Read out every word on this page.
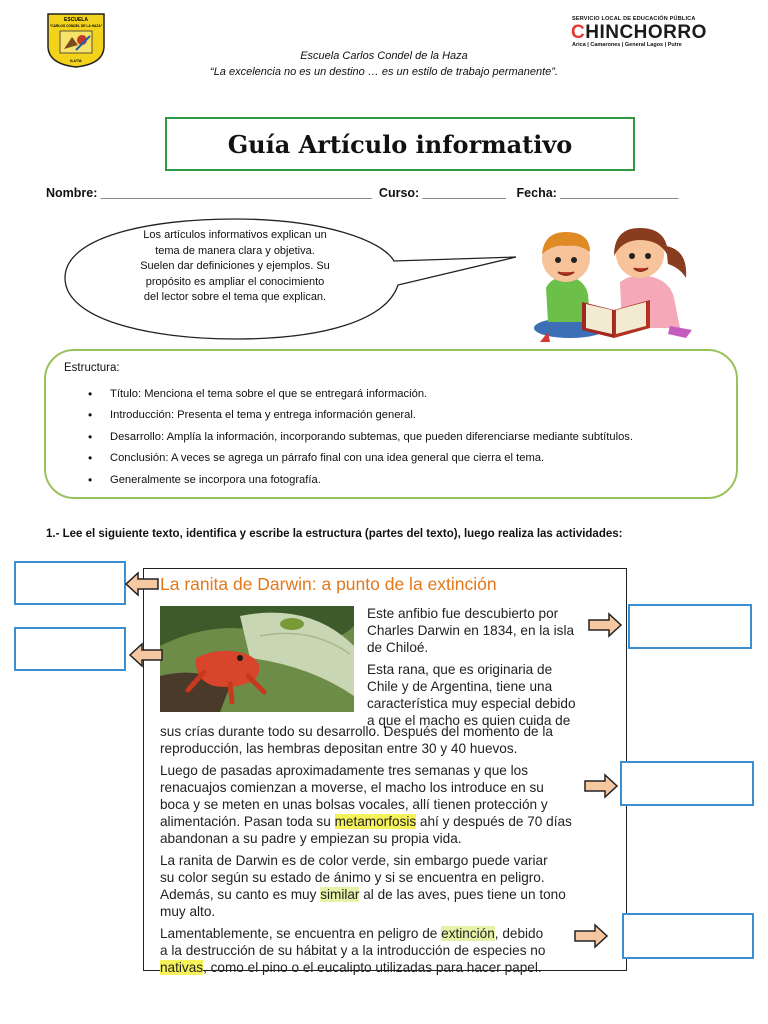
ESCUELA
"CARLOS CONDEL DE LA HAZA"
ILUTA	Escuela Carlos Condel de la Haza
“La excelencia no es un destino … es un estilo de trabajo permanente”.
SERVICIO LOCAL DE EDUCACIÓN PÚBLICA
CHINCHORRO
Arica | Camarones | General Lagos | Putre
Guía Artículo informativo
Nombre: _______________________________________  Curso: ____________   Fecha: _________________
Los artículos informativos explican un
tema de manera clara y objetiva.
Suelen dar definiciones y ejemplos. Su
propósito es ampliar el conocimiento
del lector sobre el tema que explican.
Estructura:
• Título: Menciona el tema sobre el que se entregará información.
• Introducción: Presenta el tema y entrega información general.
• Desarrollo: Amplía la información, incorporando subtemas, que pueden diferenciarse mediante subtítulos.
• Conclusión: A veces se agrega un párrafo final con una idea general que cierra el tema.
• Generalmente se incorpora una fotografía.
1.- Lee el siguiente texto, identifica y escribe la estructura (partes del texto), luego realiza las actividades:
La ranita de Darwin: a punto de la extinción
Este anfibio fue descubierto por
Charles Darwin en 1834, en la isla
de Chiloé.
Esta rana, que es originaria de
Chile y de Argentina, tiene una
característica muy especial debido
a que el macho es quien cuida de
sus crías durante todo su desarrollo. Después del momento de la
reproducción, las hembras depositan entre 30 y 40 huevos.
Luego de pasadas aproximadamente tres semanas y que los
renacuajos comienzan a moverse, el macho los introduce en su
boca y se meten en unas bolsas vocales, allí tienen protección y
alimentación. Pasan toda su metamorfosis ahí y después de 70 días
abandonan a su padre y empiezan su propia vida.
La ranita de Darwin es de color verde, sin embargo puede variar
su color según su estado de ánimo y si se encuentra en peligro.
Además, su canto es muy similar al de las aves, pues tiene un tono
muy alto.
Lamentablemente, se encuentra en peligro de extinción, debido
a la destrucción de su hábitat y a la introducción de especies no
nativas, como el pino o el eucalipto utilizadas para hacer papel.
